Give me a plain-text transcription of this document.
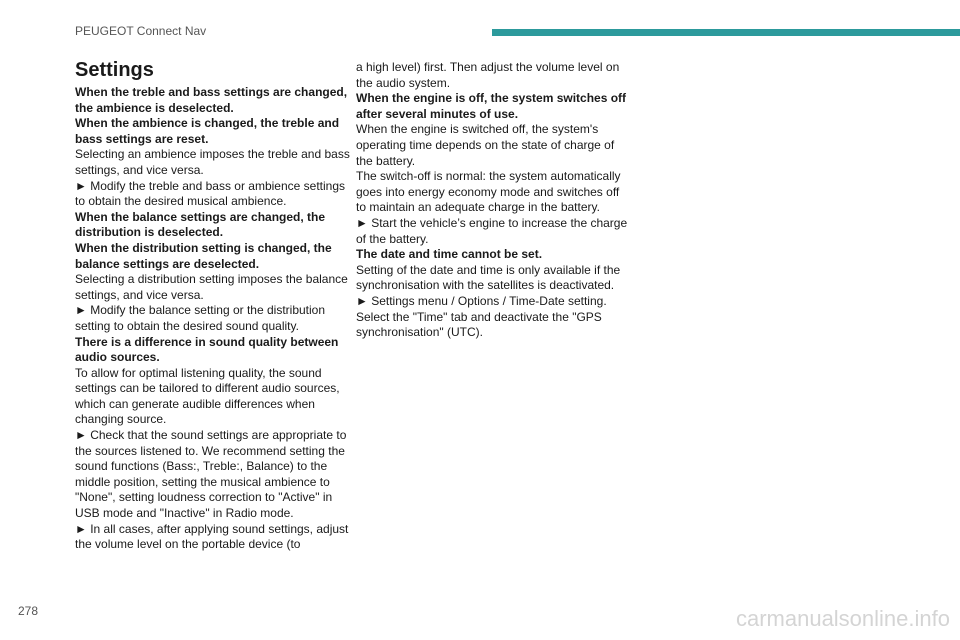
PEUGEOT Connect Nav
Settings

When the treble and bass settings are changed, the ambience is deselected.

When the ambience is changed, the treble and bass settings are reset.

Selecting an ambience imposes the treble and bass settings, and vice versa.

► Modify the treble and bass or ambience settings to obtain the desired musical ambience.

When the balance settings are changed, the distribution is deselected.

When the distribution setting is changed, the balance settings are deselected.

Selecting a distribution setting imposes the balance settings, and vice versa.

► Modify the balance setting or the distribution setting to obtain the desired sound quality.

There is a difference in sound quality between audio sources.

To allow for optimal listening quality, the sound settings can be tailored to different audio sources, which can generate audible differences when changing source.

► Check that the sound settings are appropriate to the sources listened to. We recommend setting the sound functions (Bass:, Treble:, Balance) to the middle position, setting the musical ambience to "None", setting loudness correction to "Active" in USB mode and "Inactive" in Radio mode.

► In all cases, after applying sound settings, adjust the volume level on the portable device (to

a high level) first. Then adjust the volume level on the audio system.

When the engine is off, the system switches off after several minutes of use.

When the engine is switched off, the system's operating time depends on the state of charge of the battery.

The switch-off is normal: the system automatically goes into energy economy mode and switches off to maintain an adequate charge in the battery.

► Start the vehicle’s engine to increase the charge of the battery.

The date and time cannot be set.

Setting of the date and time is only available if the synchronisation with the satellites is deactivated.

► Settings menu / Options / Time-Date setting.

Select the "Time" tab and deactivate the "GPS synchronisation" (UTC).

278	carmanualsonline.info
